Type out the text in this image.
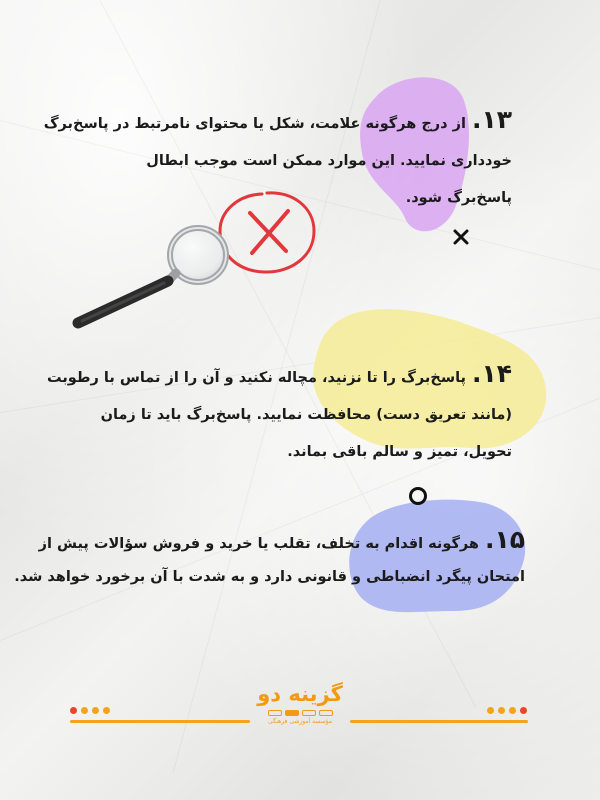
۱۳.از درج هرگونه علامت، شکل یا محتوای نامرتبط در پاسخ‌برگ
خودداری نمایید. این موارد ممکن است موجب ابطال
پاسخ‌برگ شود.
۱۴.پاسخ‌برگ را تا نزنید، مچاله نکنید و آن را از تماس با رطوبت
(مانند تعریق دست) محافظت نمایید. پاسخ‌برگ باید تا زمان
تحویل، تمیز و سالم باقی بماند.
۱۵.هرگونه اقدام به تخلف، تقلب یا خرید و فروش سؤالات پیش از
امتحان پیگرد انضباطی و قانونی دارد و به شدت با آن برخورد خواهد شد.
گزینه دو
مؤسسه آموزشی فرهنگی
